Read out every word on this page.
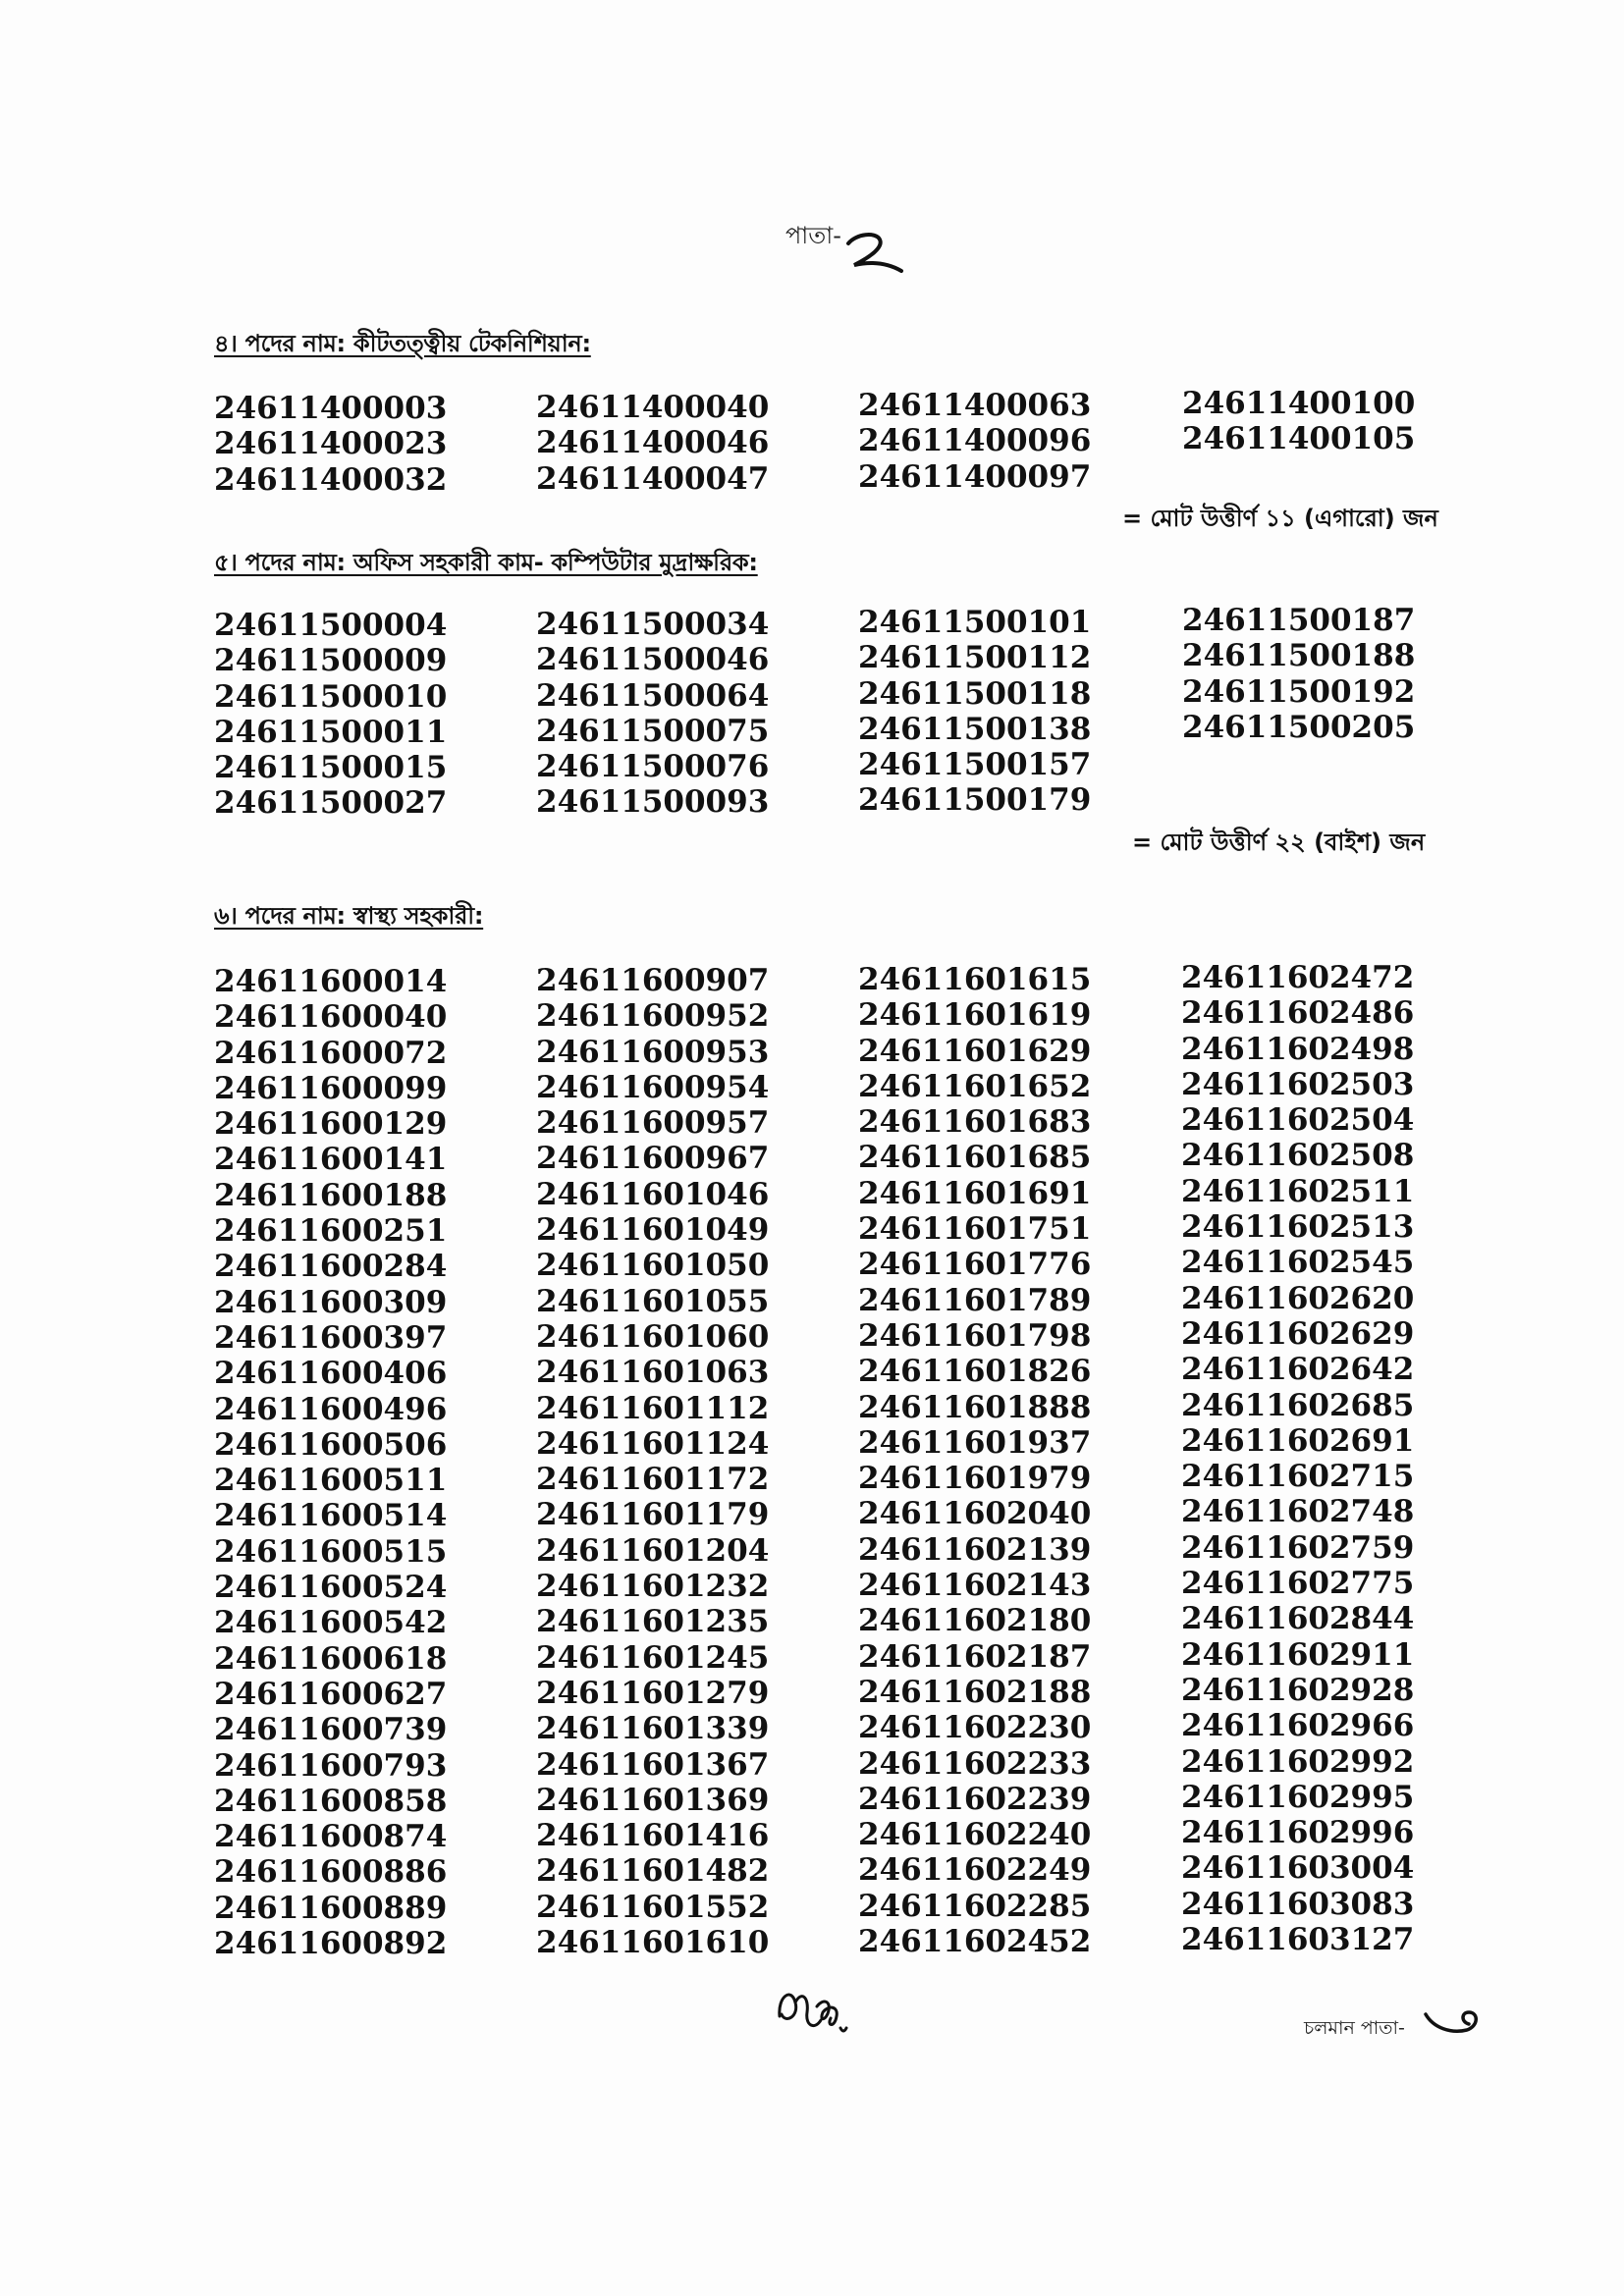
পাতা-
৪। পদের নাম: কীটতত্ত্বীয় টেকনিশিয়ান:
24611400003
24611400023
24611400032
24611400040
24611400046
24611400047
24611400063
24611400096
24611400097
24611400100
24611400105
= মোট উত্তীর্ণ ১১ (এগারো) জন
৫। পদের নাম: অফিস সহকারী কাম- কম্পিউটার মুদ্রাক্ষরিক:
24611500004
24611500009
24611500010
24611500011
24611500015
24611500027
24611500034
24611500046
24611500064
24611500075
24611500076
24611500093
24611500101
24611500112
24611500118
24611500138
24611500157
24611500179
24611500187
24611500188
24611500192
24611500205
= মোট উত্তীর্ণ ২২ (বাইশ) জন
৬। পদের নাম: স্বাস্থ্য সহকারী:
24611600014
24611600040
24611600072
24611600099
24611600129
24611600141
24611600188
24611600251
24611600284
24611600309
24611600397
24611600406
24611600496
24611600506
24611600511
24611600514
24611600515
24611600524
24611600542
24611600618
24611600627
24611600739
24611600793
24611600858
24611600874
24611600886
24611600889
24611600892
24611600907
24611600952
24611600953
24611600954
24611600957
24611600967
24611601046
24611601049
24611601050
24611601055
24611601060
24611601063
24611601112
24611601124
24611601172
24611601179
24611601204
24611601232
24611601235
24611601245
24611601279
24611601339
24611601367
24611601369
24611601416
24611601482
24611601552
24611601610
24611601615
24611601619
24611601629
24611601652
24611601683
24611601685
24611601691
24611601751
24611601776
24611601789
24611601798
24611601826
24611601888
24611601937
24611601979
24611602040
24611602139
24611602143
24611602180
24611602187
24611602188
24611602230
24611602233
24611602239
24611602240
24611602249
24611602285
24611602452
24611602472
24611602486
24611602498
24611602503
24611602504
24611602508
24611602511
24611602513
24611602545
24611602620
24611602629
24611602642
24611602685
24611602691
24611602715
24611602748
24611602759
24611602775
24611602844
24611602911
24611602928
24611602966
24611602992
24611602995
24611602996
24611603004
24611603083
24611603127
চলমান পাতা-
